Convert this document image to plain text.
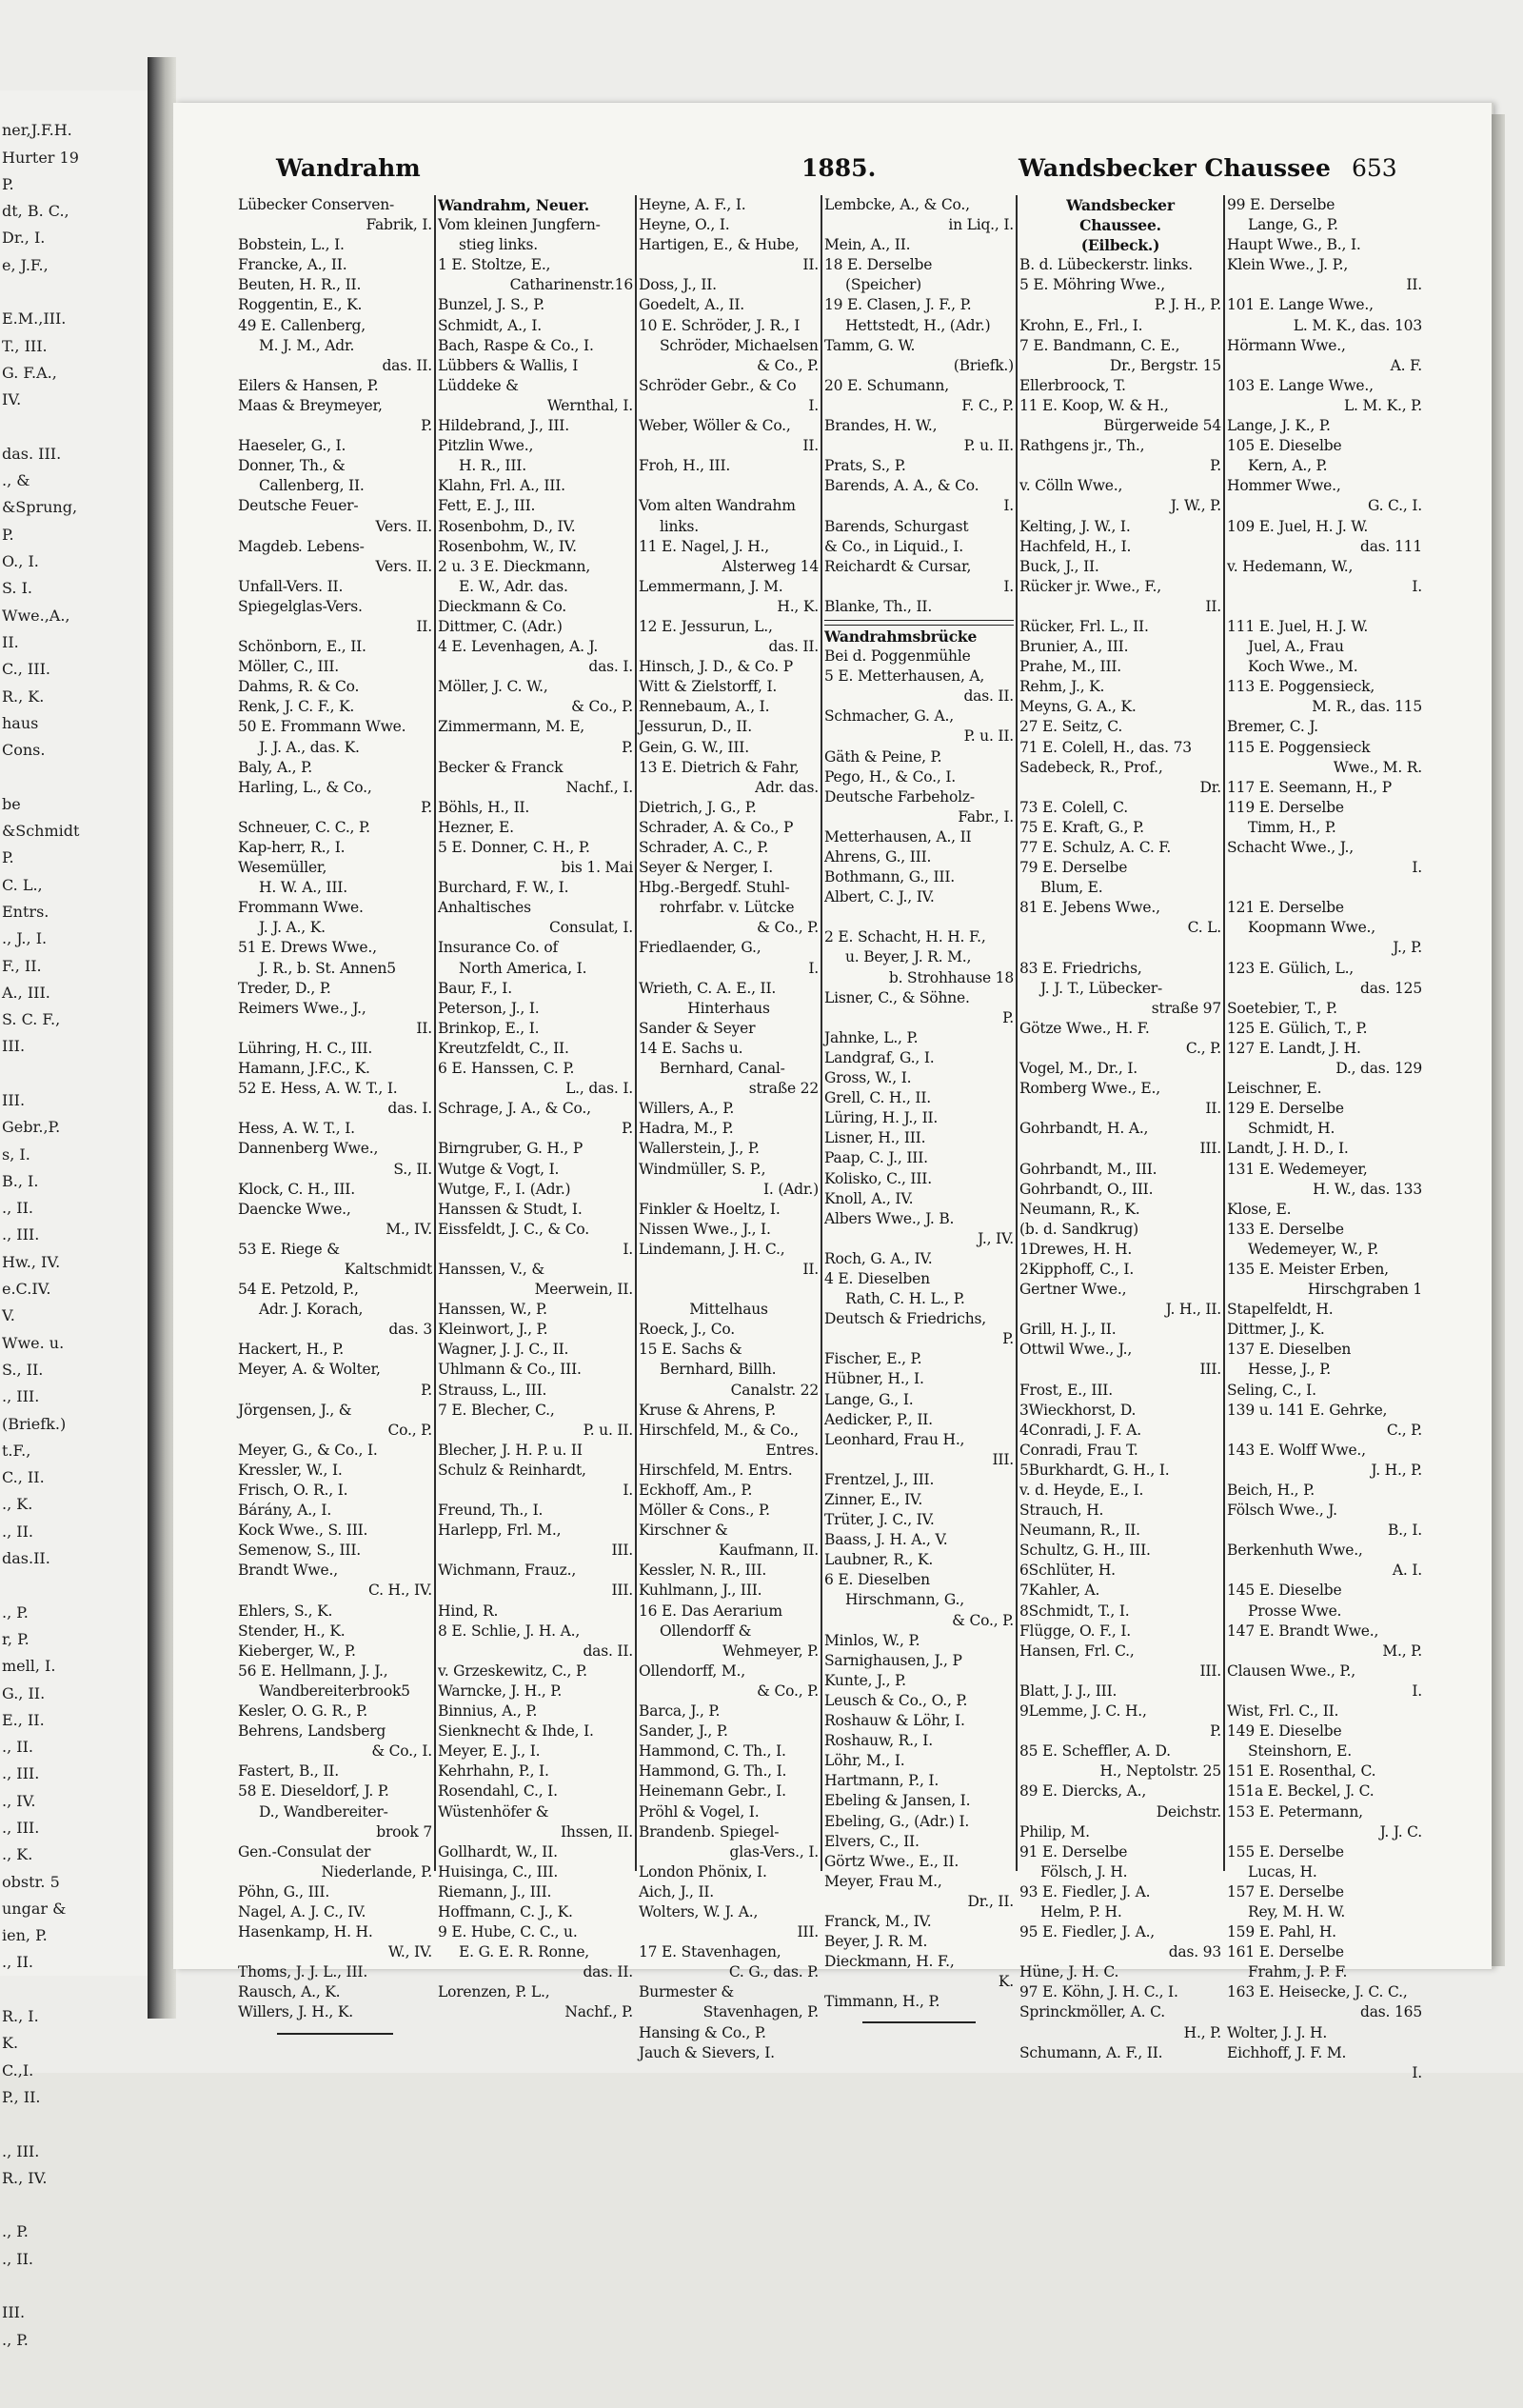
ner,J.F.H.
Hurter 19
P.
dt, B. C.,
Dr., I.
e, J.F.,
E.M.,III.
T., III.
G. F.A.,
IV.
das. III.
., &
&Sprung,
P.
O., I.
S. I.
Wwe.,A.,
II.
C., III.
R., K.
haus
Cons.
be
&Schmidt
P.
C. L.,
Entrs.
., J., I.
F., II.
A., III.
S. C. F.,
III.
III.
Gebr.,P.
s, I.
B., I.
., II.
., III.
Hw., IV.
e.C.IV.
V.
Wwe. u.
S., II.
., III.
(Briefk.)
t.F.,
C., II.
., K.
., II.
das.II.
., P.
r, P.
mell, I.
G., II.
E., II.
., II.
., III.
., IV.
., III.
., K.
obstr. 5
ungar &
ien, P.
., II.
R., I.
K.
C.,I.
P., II.
., III.
R., IV.
., P.
., II.
III.
., P.
Wandrahm	1885.	Wandsbecker Chaussee 653
Lübecker Conserven-
Fabrik, I.
Bobstein, L., I.
Francke, A., II.
Beuten, H. R., II.
Roggentin, E., K.
49 E. Callenberg,
M. J. M., Adr.
das. II.
Eilers & Hansen, P.
Maas & Breymeyer,
P.
Haeseler, G., I.
Donner, Th., &
Callenberg, II.
Deutsche Feuer-
Vers. II.
Magdeb. Lebens-
Vers. II.
Unfall-Vers. II.
Spiegelglas-Vers.
II.
Schönborn, E., II.
Möller, C., III.
Dahms, R. & Co.
Renk, J. C. F., K.
50 E. Frommann Wwe.
J. J. A., das. K.
Baly, A., P.
Harling, L., & Co.,
P.
Schneuer, C. C., P.
Kap-herr, R., I.
Wesemüller,
H. W. A., III.
Frommann Wwe.
J. J. A., K.
51 E. Drews Wwe.,
J. R., b. St. Annen5
Treder, D., P.
Reimers Wwe., J.,
II.
Lühring, H. C., III.
Hamann, J.F.C., K.
52 E. Hess, A. W. T., I.
das. I.
Hess, A. W. T., I.
Dannenberg Wwe.,
S., II.
Klock, C. H., III.
Daencke Wwe.,
M., IV.
53 E. Riege &
Kaltschmidt
54 E. Petzold, P.,
Adr. J. Korach,
das. 3
Hackert, H., P.
Meyer, A. & Wolter,
P.
Jörgensen, J., &
Co., P.
Meyer, G., & Co., I.
Kressler, W., I.
Frisch, O. R., I.
Bárány, A., I.
Kock Wwe., S. III.
Semenow, S., III.
Brandt Wwe.,
C. H., IV.
Ehlers, S., K.
Stender, H., K.
Kieberger, W., P.
56 E. Hellmann, J. J.,
Wandbereiterbrook5
Kesler, O. G. R., P.
Behrens, Landsberg
& Co., I.
Fastert, B., II.
58 E. Dieseldorf, J. P.
D., Wandbereiter-
brook 7
Gen.-Consulat der
Niederlande, P.
Pöhn, G., III.
Nagel, A. J. C., IV.
Hasenkamp, H. H.
W., IV.
Thoms, J. J. L., III.
Rausch, A., K.
Willers, J. H., K.
Wandrahm, Neuer.
Vom kleinen Jungfern-
stieg links.
1 E. Stoltze, E.,
Catharinenstr.16
Bunzel, J. S., P.
Schmidt, A., I.
Bach, Raspe & Co., I.
Lübbers & Wallis, I
Lüddeke &
Wernthal, I.
Hildebrand, J., III.
Pitzlin Wwe.,
H. R., III.
Klahn, Frl. A., III.
Fett, E. J., III.
Rosenbohm, D., IV.
Rosenbohm, W., IV.
2 u. 3 E. Dieckmann,
E. W., Adr. das.
Dieckmann & Co.
Dittmer, C. (Adr.)
4 E. Levenhagen, A. J.
das. I.
Möller, J. C. W.,
& Co., P.
Zimmermann, M. E,
P.
Becker & Franck
Nachf., I.
Böhls, H., II.
Hezner, E.
5 E. Donner, C. H., P.
bis 1. Mai
Burchard, F. W., I.
Anhaltisches
Consulat, I.
Insurance Co. of
North America, I.
Baur, F., I.
Peterson, J., I.
Brinkop, E., I.
Kreutzfeldt, C., II.
6 E. Hanssen, C. P.
L., das. I.
Schrage, J. A., & Co.,
P.
Birngruber, G. H., P
Wutge & Vogt, I.
Wutge, F., I. (Adr.)
Hanssen & Studt, I.
Eissfeldt, J. C., & Co.
I.
Hanssen, V., &
Meerwein, II.
Hanssen, W., P.
Kleinwort, J., P.
Wagner, J. J. C., II.
Uhlmann & Co., III.
Strauss, L., III.
7 E. Blecher, C.,
P. u. II.
Blecher, J. H. P. u. II
Schulz & Reinhardt,
I.
Freund, Th., I.
Harlepp, Frl. M.,
III.
Wichmann, Frauz.,
III.
Hind, R.
8 E. Schlie, J. H. A.,
das. II.
v. Grzeskewitz, C., P.
Warncke, J. H., P.
Binnius, A., P.
Sienknecht & Ihde, I.
Meyer, E. J., I.
Kehrhahn, P., I.
Rosendahl, C., I.
Wüstenhöfer &
Ihssen, II.
Gollhardt, W., II.
Huisinga, C., III.
Riemann, J., III.
Hoffmann, C. J., K.
9 E. Hube, C. C., u.
E. G. E. R. Ronne,
das. II.
Lorenzen, P. L.,
Nachf., P.
Heyne, A. F., I.
Heyne, O., I.
Hartigen, E., & Hube,
II.
Doss, J., II.
Goedelt, A., II.
10 E. Schröder, J. R., I
Schröder, Michaelsen
& Co., P.
Schröder Gebr., & Co
I.
Weber, Wöller & Co.,
II.
Froh, H., III.
Vom alten Wandrahm
links.
11 E. Nagel, J. H.,
Alsterweg 14
Lemmermann, J. M.
H., K.
12 E. Jessurun, L.,
das. II.
Hinsch, J. D., & Co. P
Witt & Zielstorff, I.
Rennebaum, A., I.
Jessurun, D., II.
Gein, G. W., III.
13 E. Dietrich & Fahr,
Adr. das.
Dietrich, J. G., P.
Schrader, A. & Co., P
Schrader, A. C., P.
Seyer & Nerger, I.
Hbg.-Bergedf. Stuhl-
rohrfabr. v. Lütcke
& Co., P.
Friedlaender, G.,
I.
Wrieth, C. A. E., II.
Hinterhaus
Sander & Seyer
14 E. Sachs u.
Bernhard, Canal-
straße 22
Willers, A., P.
Hadra, M., P.
Wallerstein, J., P.
Windmüller, S. P.,
I. (Adr.)
Finkler & Hoeltz, I.
Nissen Wwe., J., I.
Lindemann, J. H. C.,
II.
Mittelhaus
Roeck, J., Co.
15 E. Sachs &
Bernhard, Billh.
Canalstr. 22
Kruse & Ahrens, P.
Hirschfeld, M., & Co.,
Entres.
Hirschfeld, M. Entrs.
Eckhoff, Am., P.
Möller & Cons., P.
Kirschner &
Kaufmann, II.
Kessler, N. R., III.
Kuhlmann, J., III.
16 E. Das Aerarium
Ollendorff &
Wehmeyer, P.
Ollendorff, M.,
& Co., P.
Barca, J., P.
Sander, J., P.
Hammond, C. Th., I.
Hammond, G. Th., I.
Heinemann Gebr., I.
Pröhl & Vogel, I.
Brandenb. Spiegel-
glas-Vers., I.
London Phönix, I.
Aich, J., II.
Wolters, W. J. A.,
III.
17 E. Stavenhagen,
C. G., das. P.
Burmester &
Stavenhagen, P.
Hansing & Co., P.
Jauch & Sievers, I.
Lembcke, A., & Co.,
in Liq., I.
Mein, A., II.
18 E. Derselbe
(Speicher)
19 E. Clasen, J. F., P.
Hettstedt, H., (Adr.)
Tamm, G. W.
(Briefk.)
20 E. Schumann,
F. C., P.
Brandes, H. W.,
P. u. II.
Prats, S., P.
Barends, A. A., & Co.
I.
Barends, Schurgast
& Co., in Liquid., I.
Reichardt & Cursar,
I.
Blanke, Th., II.
Wandrahmsbrücke
Bei d. Poggenmühle
5 E. Metterhausen, A,
das. II.
Schmacher, G. A.,
P. u. II.
Gäth & Peine, P.
Pego, H., & Co., I.
Deutsche Farbeholz-
Fabr., I.
Metterhausen, A., II
Ahrens, G., III.
Bothmann, G., III.
Albert, C. J., IV.
2 E. Schacht, H. H. F.,
u. Beyer, J. R. M.,
b. Strohhause 18
Lisner, C., & Söhne.
P.
Jahnke, L., P.
Landgraf, G., I.
Gross, W., I.
Grell, C. H., II.
Lüring, H. J., II.
Lisner, H., III.
Paap, C. J., III.
Kolisko, C., III.
Knoll, A., IV.
Albers Wwe., J. B.
J., IV.
Roch, G. A., IV.
4 E. Dieselben
Rath, C. H. L., P.
Deutsch & Friedrichs,
P.
Fischer, E., P.
Hübner, H., I.
Lange, G., I.
Aedicker, P., II.
Leonhard, Frau H.,
III.
Frentzel, J., III.
Zinner, E., IV.
Trüter, J. C., IV.
Baass, J. H. A., V.
Laubner, R., K.
6 E. Dieselben
Hirschmann, G.,
& Co., P.
Minlos, W., P.
Sarnighausen, J., P
Kunte, J., P.
Leusch & Co., O., P.
Roshauw & Löhr, I.
Roshauw, R., I.
Löhr, M., I.
Hartmann, P., I.
Ebeling & Jansen, I.
Ebeling, G., (Adr.) I.
Elvers, C., II.
Görtz Wwe., E., II.
Meyer, Frau M.,
Dr., II.
Franck, M., IV.
Beyer, J. R. M.
Dieckmann, H. F.,
K.
Timmann, H., P.
Wandsbecker
Chaussee.
(Eilbeck.)
B. d. Lübeckerstr. links.
5 E. Möhring Wwe.,
P. J. H., P.
Krohn, E., Frl., I.
7 E. Bandmann, C. E.,
Dr., Bergstr. 15
Ellerbroock, T.
11 E. Koop, W. & H.,
Bürgerweide 54
Rathgens jr., Th.,
P.
v. Cölln Wwe.,
J. W., P.
Kelting, J. W., I.
Hachfeld, H., I.
Buck, J., II.
Rücker jr. Wwe., F.,
II.
Rücker, Frl. L., II.
Brunier, A., III.
Prahe, M., III.
Rehm, J., K.
Meyns, G. A., K.
27 E. Seitz, C.
71 E. Colell, H., das. 73
Sadebeck, R., Prof.,
Dr.
73 E. Colell, C.
75 E. Kraft, G., P.
77 E. Schulz, A. C. F.
79 E. Derselbe
Blum, E.
81 E. Jebens Wwe.,
C. L.
83 E. Friedrichs,
J. J. T., Lübecker-
straße 97
Götze Wwe., H. F.
C., P.
Vogel, M., Dr., I.
Romberg Wwe., E.,
II.
Gohrbandt, H. A.,
III.
Gohrbandt, M., III.
Gohrbandt, O., III.
Neumann, R., K.
(b. d. Sandkrug)
1Drewes, H. H.
2Kipphoff, C., I.
Gertner Wwe.,
J. H., II.
Grill, H. J., II.
Ottwil Wwe., J.,
III.
Frost, E., III.
3Wieckhorst, D.
4Conradi, J. F. A.
Conradi, Frau T.
5Burkhardt, G. H., I.
v. d. Heyde, E., I.
Strauch, H.
Neumann, R., II.
Schultz, G. H., III.
6Schlüter, H.
7Kahler, A.
8Schmidt, T., I.
Flügge, O. F., I.
Hansen, Frl. C.,
III.
Blatt, J. J., III.
9Lemme, J. C. H.,
P.
85 E. Scheffler, A. D.
H., Neptolstr. 25
89 E. Diercks, A.,
Deichstr.
Philip, M.
91 E. Derselbe
Fölsch, J. H.
93 E. Fiedler, J. A.
Helm, P. H.
95 E. Fiedler, J. A.,
das. 93
Hüne, J. H. C.
97 E. Köhn, J. H. C., I.
Sprinckmöller, A. C.
H., P.
Schumann, A. F., II.
99 E. Derselbe
Lange, G., P.
Haupt Wwe., B., I.
Klein Wwe., J. P.,
II.
101 E. Lange Wwe.,
L. M. K., das. 103
Hörmann Wwe.,
A. F.
103 E. Lange Wwe.,
L. M. K., P.
Lange, J. K., P.
105 E. Dieselbe
Kern, A., P.
Hommer Wwe.,
G. C., I.
109 E. Juel, H. J. W.
das. 111
v. Hedemann, W.,
I.
111 E. Juel, H. J. W.
Juel, A., Frau
Koch Wwe., M.
113 E. Poggensieck,
M. R., das. 115
Bremer, C. J.
115 E. Poggensieck
Wwe., M. R.
117 E. Seemann, H., P
119 E. Derselbe
Timm, H., P.
Schacht Wwe., J.,
I.
121 E. Derselbe
Koopmann Wwe.,
J., P.
123 E. Gülich, L.,
das. 125
Soetebier, T., P.
125 E. Gülich, T., P.
127 E. Landt, J. H.
D., das. 129
Leischner, E.
129 E. Derselbe
Schmidt, H.
Landt, J. H. D., I.
131 E. Wedemeyer,
H. W., das. 133
Klose, E.
133 E. Derselbe
Wedemeyer, W., P.
135 E. Meister Erben,
Hirschgraben 1
Stapelfeldt, H.
Dittmer, J., K.
137 E. Dieselben
Hesse, J., P.
Seling, C., I.
139 u. 141 E. Gehrke,
C., P.
143 E. Wolff Wwe.,
J. H., P.
Beich, H., P.
Fölsch Wwe., J.
B., I.
Berkenhuth Wwe.,
A. I.
145 E. Dieselbe
Prosse Wwe.
147 E. Brandt Wwe.,
M., P.
Clausen Wwe., P.,
I.
Wist, Frl. C., II.
149 E. Dieselbe
Steinshorn, E.
151 E. Rosenthal, C.
151a E. Beckel, J. C.
153 E. Petermann,
J. J. C.
155 E. Derselbe
Lucas, H.
157 E. Derselbe
Rey, M. H. W.
159 E. Pahl, H.
161 E. Derselbe
Frahm, J. P. F.
163 E. Heisecke, J. C. C.,
das. 165
Wolter, J. J. H.
Eichhoff, J. F. M.
I.
